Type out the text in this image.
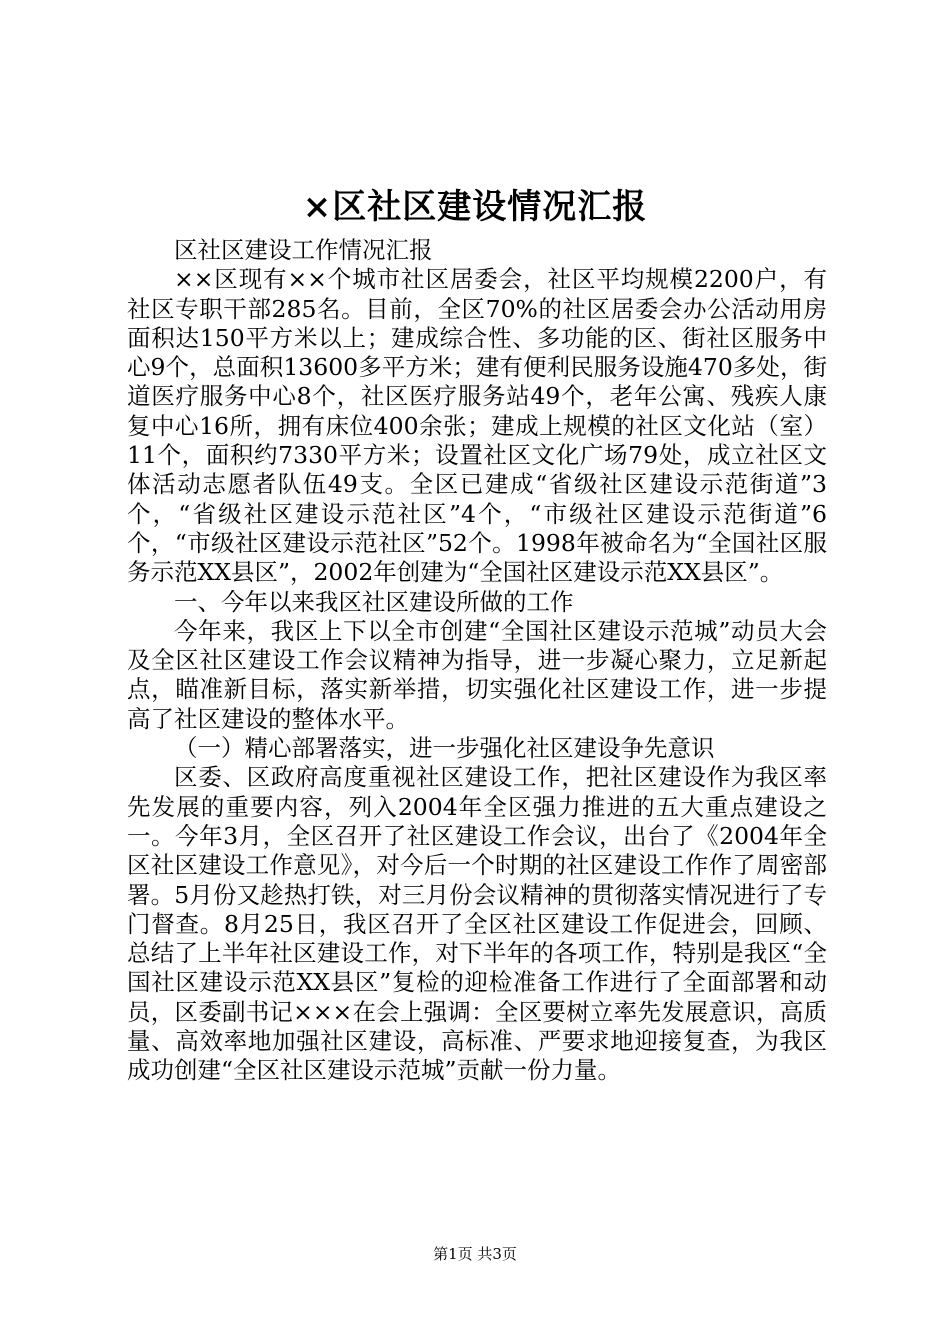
×区社区建设情况汇报

区社区建设工作情况汇报

××区现有××个城市社区居委会，社区平均规模2200户，有社区专职干部285名。目前，全区70%的社区居委会办公活动用房面积达150平方米以上；建成综合性、多功能的区、街社区服务中心9个，总面积13600多平方米；建有便利民服务设施470多处，街道医疗服务中心8个，社区医疗服务站49个，老年公寓、残疾人康复中心16所，拥有床位400余张；建成上规模的社区文化站（室）11个，面积约7330平方米；设置社区文化广场79处，成立社区文体活动志愿者队伍49支。全区已建成“省级社区建设示范街道”3个，“省级社区建设示范社区”4个，“市级社区建设示范街道”6个，“市级社区建设示范社区”52个。1998年被命名为“全国社区服务示范XX县区”，2002年创建为“全国社区建设示范XX县区”。

一、今年以来我区社区建设所做的工作

今年来，我区上下以全市创建“全国社区建设示范城”动员大会及全区社区建设工作会议精神为指导，进一步凝心聚力，立足新起点，瞄准新目标，落实新举措，切实强化社区建设工作，进一步提高了社区建设的整体水平。

（一）精心部署落实，进一步强化社区建设争先意识

区委、区政府高度重视社区建设工作，把社区建设作为我区率先发展的重要内容，列入2004年全区强力推进的五大重点建设之一。今年3月，全区召开了社区建设工作会议，出台了《2004年全区社区建设工作意见》，对今后一个时期的社区建设工作作了周密部署。5月份又趁热打铁，对三月份会议精神的贯彻落实情况进行了专门督查。8月25日，我区召开了全区社区建设工作促进会，回顾、总结了上半年社区建设工作，对下半年的各项工作，特别是我区“全国社区建设示范XX县区”复检的迎检准备工作进行了全面部署和动员，区委副书记×××在会上强调：全区要树立率先发展意识，高质量、高效率地加强社区建设，高标准、严要求地迎接复查，为我区成功创建“全区社区建设示范城”贡献一份力量。

第1页 共3页
